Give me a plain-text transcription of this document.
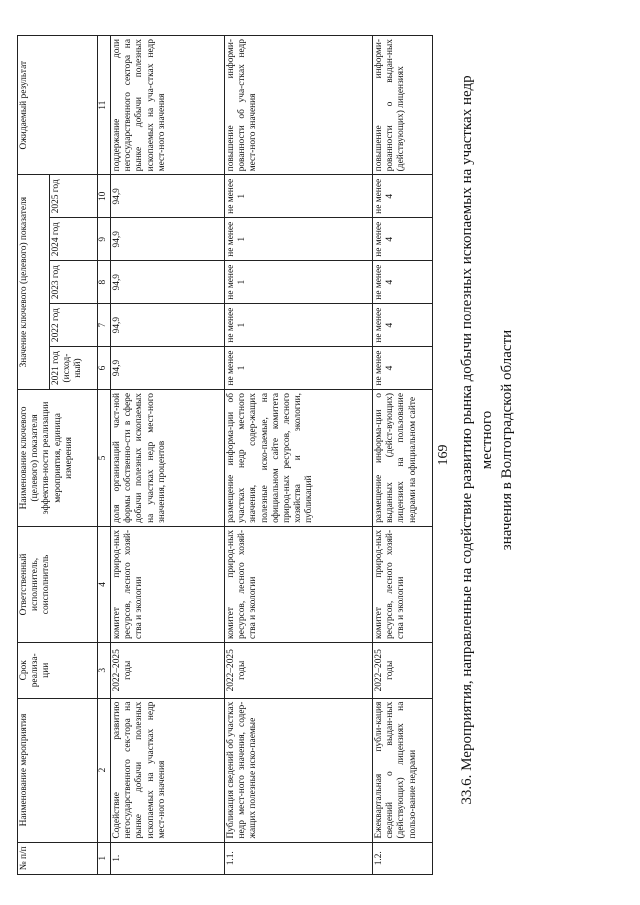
169 33.6. Мероприятия, направленные на содействие развитию рынка добычи полезных ископаемых на участках недр местного значения в Волгоградской области
№ п/п	Наименование мероприятия	Срок реализа-ции	Ответственный исполнитель, соисполнитель	Наименование ключевого (целевого) показателя эффектив-ности реализации мероприятия, единица измерения	Значение ключевого (целевого) показателя					Ожидаемый результат
					2021 год (исход-ный)	2022 год	2023 год	2024 год	2025 год	
1	2	3	4	5	6	7	8	9	10	11
1.	Содействие развитию негосударственного сек-тора на рынке добычи полезных ископаемых на участках недр мест-ного значения	2022–2025 годы	комитет природ-ных ресурсов, лесного хозяй-ства и экологии	доля организаций част-ной формы собственно-сти в сфере добычи полезных ископаемых на участках недр мест-ного значения, процентов	94,9	94,9	94,9	94,9	94,9	поддержание доли негосударственного сектора на рынке добычи полезных ископаемых на уча-стках недр мест-ного значения
1.1.	Публикация сведений об участках недр мест-ного значения, содер-жащих полезные иско-паемые	2022–2025 годы	комитет природ-ных ресурсов, лесного хозяй-ства и экологии	размещение информа-ции об участках недр местного значения, содер-жащих полезные иско-паемые, на официальном сайте комитета природ-ных ресурсов, лесного хозяйства и экологии, публикаций	не менее 1	не менее 1	не менее 1	не менее 1	не менее 1	повышение информи-рованности об уча-стках недр мест-ного значения
1.2.	Ежеквартальная публи-кация сведений о выдан-ных (действующих) лицензиях на пользо-вание недрами	2022–2025 годы	комитет природ-ных ресурсов, лесного хозяй-ства и экологии	размещение информа-ции о выданных (дейст-вующих) лицензиях на пользование недрами на официальном сайте	не менее 4	не менее 4	не менее 4	не менее 4	не менее 4	повышение информи-рованности о выдан-ных (действующих) лицензиях
